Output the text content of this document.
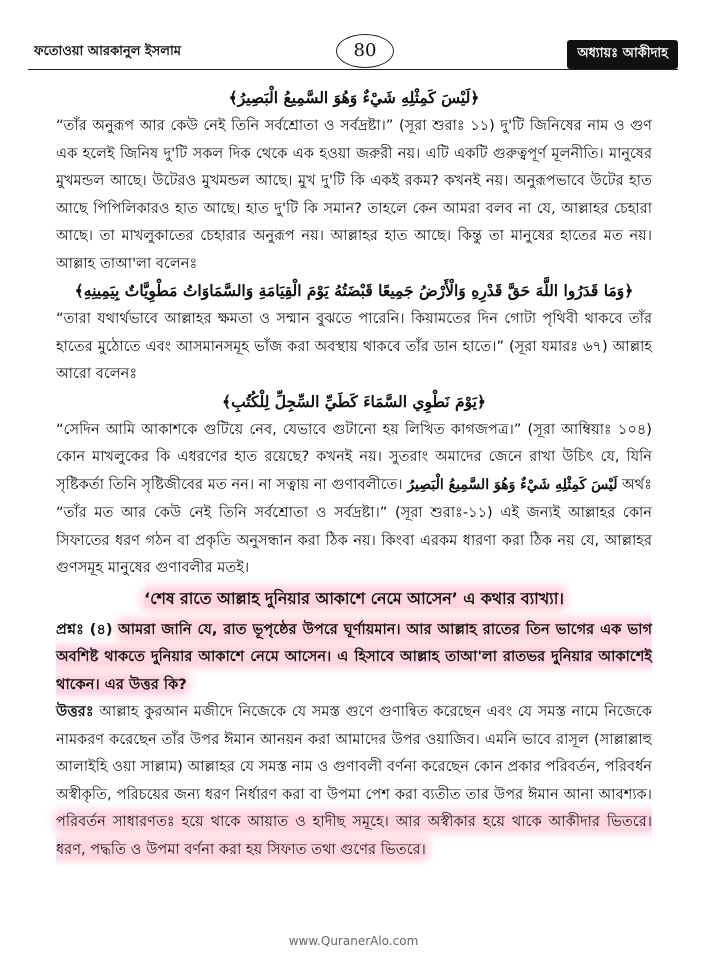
ফতোওয়া আরকানুল ইসলাম	80	অধ্যায়ঃ আকীদাহ

﴿لَيْسَ كَمِثْلِهِ شَيْءٌ وَهُوَ السَّمِيعُ الْبَصِيرُ﴾

“তাঁর অনুরূপ আর কেউ নেই তিনি সর্বশ্রোতা ও সর্বদ্রষ্টা।” (সূরা শুরাঃ ১১) দু'টি জিনিষের নাম ও গুণ এক হলেই জিনিষ দু'টি সকল দিক থেকে এক হওয়া জরুরী নয়। এটি একটি গুরুত্বপূর্ণ মূলনীতি। মানুষের মুখমন্ডল আছে। উটেরও মুখমন্ডল আছে। মুখ দু'টি কি একই রকম? কখনই নয়। অনুরূপভাবে উটের হাত আছে পিপিলিকারও হাত আছে। হাত দু'টি কি সমান? তাহলে কেন আমরা বলব না যে, আল্লাহর চেহারা আছে। তা মাখলুকাতের চেহারার অনুরূপ নয়। আল্লাহর হাত আছে। কিন্তু তা মানুষের হাতের মত নয়। আল্লাহ তাআ'লা বলেনঃ

﴿وَمَا قَدَرُوا اللَّهَ حَقَّ قَدْرِهِ وَالْأَرْضُ جَمِيعًا قَبْضَتُهُ يَوْمَ الْقِيَامَةِ وَالسَّمَاوَاتُ مَطْوِيَّاتٌ بِيَمِينِهِ﴾

“তারা যথার্থভাবে আল্লাহর ক্ষমতা ও সম্মান বুঝতে পারেনি। কিয়ামতের দিন গোটা পৃথিবী থাকবে তাঁর হাতের মুঠোতে এবং আসমানসমূহ ভাঁজ করা অবস্থায় থাকবে তাঁর ডান হাতে।” (সূরা যমারঃ ৬৭) আল্লাহ আরো বলেনঃ

﴿يَوْمَ نَطْوِي السَّمَاءَ كَطَيِّ السِّجِلِّ لِلْكُتُبِ﴾

“সেদিন আমি আকাশকে গুটিয়ে নেব, যেভাবে গুটানো হয় লিখিত কাগজপত্র।” (সূরা আম্বিয়াঃ ১০৪) কোন মাখলুকের কি এধরণের হাত রয়েছে? কখনই নয়। সুতরাং অমাদের জেনে রাখা উচিৎ যে, যিনি সৃষ্টিকর্তা তিনি সৃষ্টিজীবের মত নন। না সত্বায় না গুণাবলীতে। لَيْسَ كَمِثْلِهِ شَيْءٌ وَهُوَ السَّمِيعُ الْبَصِيرُ অর্থঃ “তাঁর মত আর কেউ নেই তিনি সর্বশ্রোতা ও সর্বদ্রষ্টা।” (সূরা শুরাঃ-১১) এই জন্যই আল্লাহর কোন সিফাতের ধরণ গঠন বা প্রকৃতি অনুসন্ধান করা ঠিক নয়। কিংবা এরকম ধারণা করা ঠিক নয় যে, আল্লাহর গুণসমূহ মানুষের গুণাবলীর মতই।

‘শেষ রাতে আল্লাহ দুনিয়ার আকাশে নেমে আসেন’ এ কথার ব্যাখ্যা।

প্রশ্নঃ (৪) আমরা জানি যে, রাত ভূপৃষ্ঠের উপরে ঘূর্ণায়মান। আর আল্লাহ রাতের তিন ভাগের এক ভাগ অবশিষ্ট থাকতে দুনিয়ার আকাশে নেমে আসেন। এ হিসাবে আল্লাহ তাআ'লা রাতভর দুনিয়ার আকাশেই থাকেন। এর উত্তর কি?

উত্তরঃ আল্লাহ কুরআন মজীদে নিজেকে যে সমস্ত গুণে গুণান্বিত করেছেন এবং যে সমস্ত নামে নিজেকে নামকরণ করেছেন তাঁর উপর ঈমান আনয়ন করা আমাদের উপর ওয়াজিব। এমনি ভাবে রাসূল (সাল্লাল্লাহু আলাইহি ওয়া সাল্লাম) আল্লাহর যে সমস্ত নাম ও গুণাবলী বর্ণনা করেছেন কোন প্রকার পরিবর্তন, পরিবর্ধন অস্বীকৃতি, পরিচয়ের জন্য ধরণ নির্ধারণ করা বা উপমা পেশ করা ব্যতীত তার উপর ঈমান আনা আবশ্যক। পরিবর্তন সাধারণতঃ হয়ে থাকে আয়াত ও হাদীছ সমূহে। আর অস্বীকার হয়ে থাকে আকীদার ভিতরে। ধরণ, পদ্ধতি ও উপমা বর্ণনা করা হয় সিফাত তথা গুণের ভিতরে।

www.QuranerAlo.com
